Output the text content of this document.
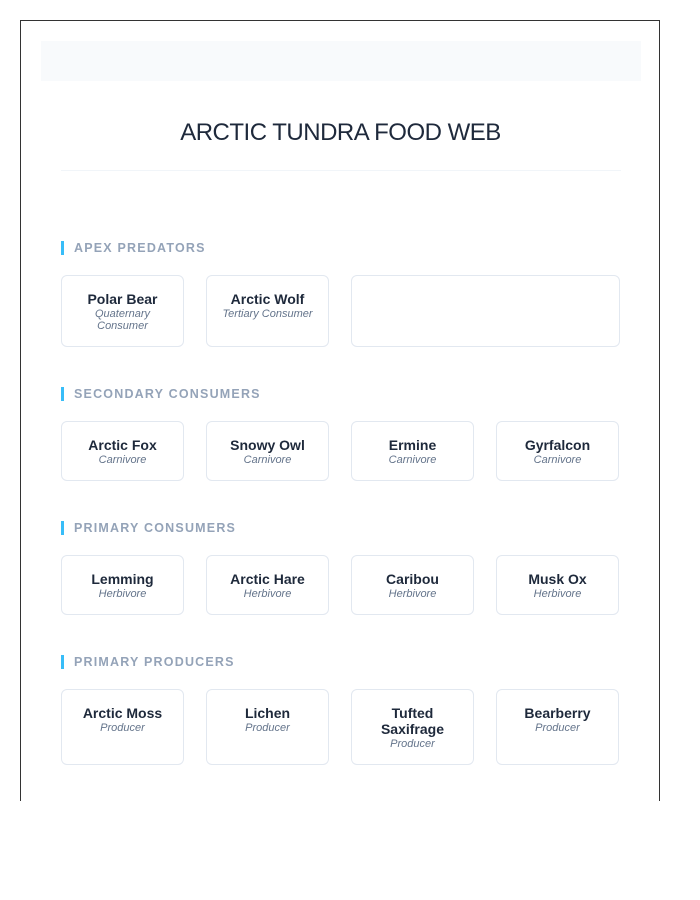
ARCTIC TUNDRA FOOD WEB
APEX PREDATORS
Polar Bear
Quaternary Consumer
Arctic Wolf
Tertiary Consumer
SECONDARY CONSUMERS
Arctic Fox
Carnivore
Snowy Owl
Carnivore
Ermine
Carnivore
Gyrfalcon
Carnivore
PRIMARY CONSUMERS
Lemming
Herbivore
Arctic Hare
Herbivore
Caribou
Herbivore
Musk Ox
Herbivore
PRIMARY PRODUCERS
Arctic Moss
Producer
Lichen
Producer
Tufted Saxifrage
Producer
Bearberry
Producer
